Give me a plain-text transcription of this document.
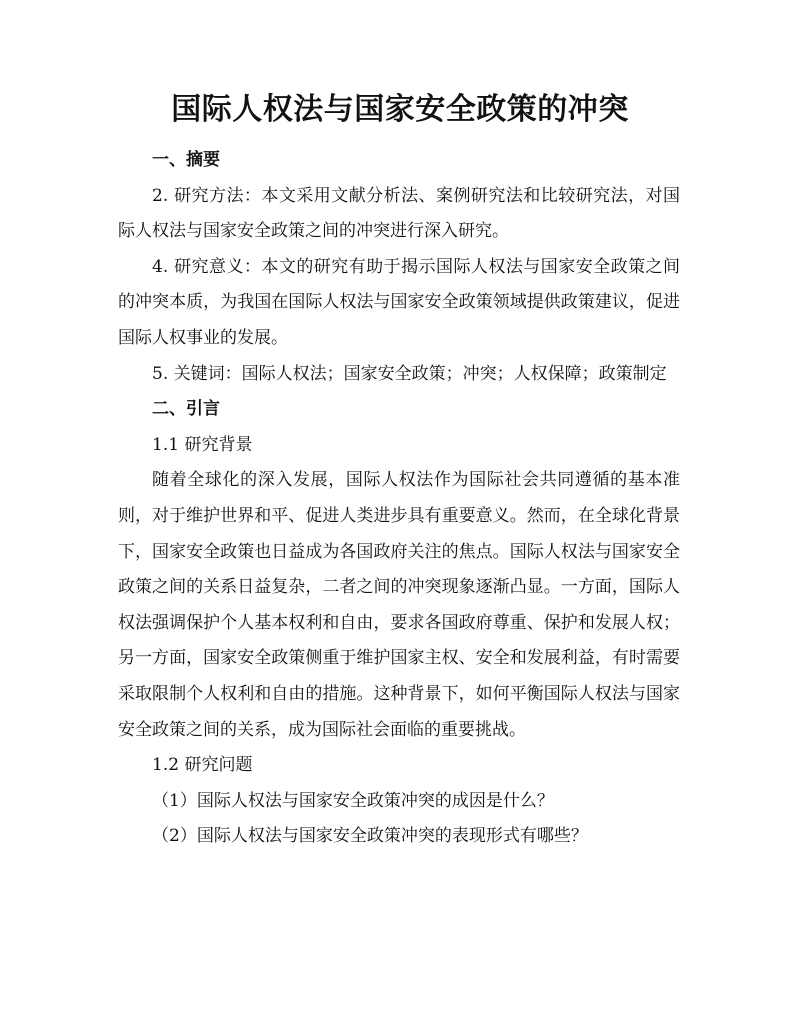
国际人权法与国家安全政策的冲突

一、摘要

2. 研究方法：本文采用文献分析法、案例研究法和比较研究法，对国际人权法与国家安全政策之间的冲突进行深入研究。

4. 研究意义：本文的研究有助于揭示国际人权法与国家安全政策之间的冲突本质，为我国在国际人权法与国家安全政策领域提供政策建议，促进国际人权事业的发展。

5. 关键词：国际人权法；国家安全政策；冲突；人权保障；政策制定

二、引言

1.1 研究背景

随着全球化的深入发展，国际人权法作为国际社会共同遵循的基本准则，对于维护世界和平、促进人类进步具有重要意义。然而，在全球化背景下，国家安全政策也日益成为各国政府关注的焦点。国际人权法与国家安全政策之间的关系日益复杂，二者之间的冲突现象逐渐凸显。一方面，国际人权法强调保护个人基本权利和自由，要求各国政府尊重、保护和发展人权；另一方面，国家安全政策侧重于维护国家主权、安全和发展利益，有时需要采取限制个人权利和自由的措施。这种背景下，如何平衡国际人权法与国家安全政策之间的关系，成为国际社会面临的重要挑战。

1.2 研究问题

（1）国际人权法与国家安全政策冲突的成因是什么？

（2）国际人权法与国家安全政策冲突的表现形式有哪些？
